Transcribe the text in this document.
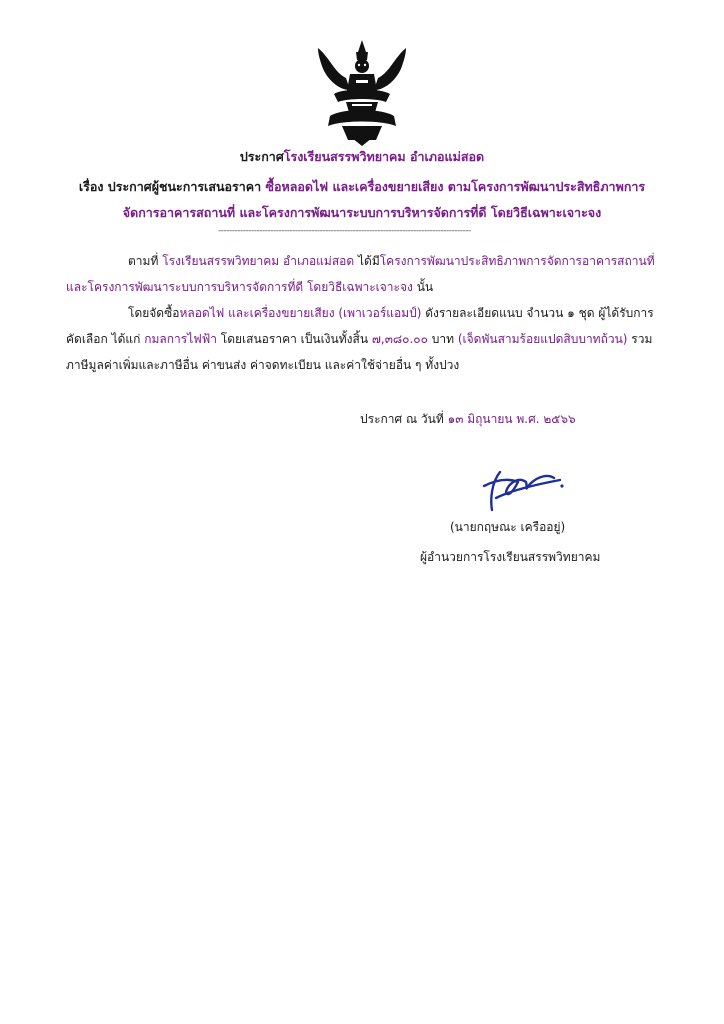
ประกาศโรงเรียนสรรพวิทยาคม อำเภอแม่สอด
เรื่อง ประกาศผู้ชนะการเสนอราคา ซื้อหลอดไฟ และเครื่องขยายเสียง ตามโครงการพัฒนาประสิทธิภาพการ
จัดการอาคารสถานที่ และโครงการพัฒนาระบบการบริหารจัดการที่ดี โดยวิธีเฉพาะเจาะจง
--------------------------------------------------------------------------------------------
ตามที่ โรงเรียนสรรพวิทยาคม อำเภอแม่สอด ได้มีโครงการพัฒนาประสิทธิภาพการจัดการอาคารสถานที่
และโครงการพัฒนาระบบการบริหารจัดการที่ดี โดยวิธีเฉพาะเจาะจง นั้น
โดยจัดซื้อหลอดไฟ และเครื่องขยายเสียง (เพาเวอร์แอมป์) ดังรายละเอียดแนบ จำนวน ๑ ชุด ผู้ได้รับการ
คัดเลือก ได้แก่ กมลการไฟฟ้า โดยเสนอราคา เป็นเงินทั้งสิ้น ๗,๓๘๐.๐๐ บาท (เจ็ดพันสามร้อยแปดสิบบาทถ้วน) รวม
ภาษีมูลค่าเพิ่มและภาษีอื่น ค่าขนส่ง ค่าจดทะเบียน และค่าใช้จ่ายอื่น ๆ ทั้งปวง
ประกาศ ณ วันที่ ๑๓ มิถุนายน พ.ศ. ๒๕๖๖
(นายกฤษณะ เครืออยู่)
ผู้อำนวยการโรงเรียนสรรพวิทยาคม
